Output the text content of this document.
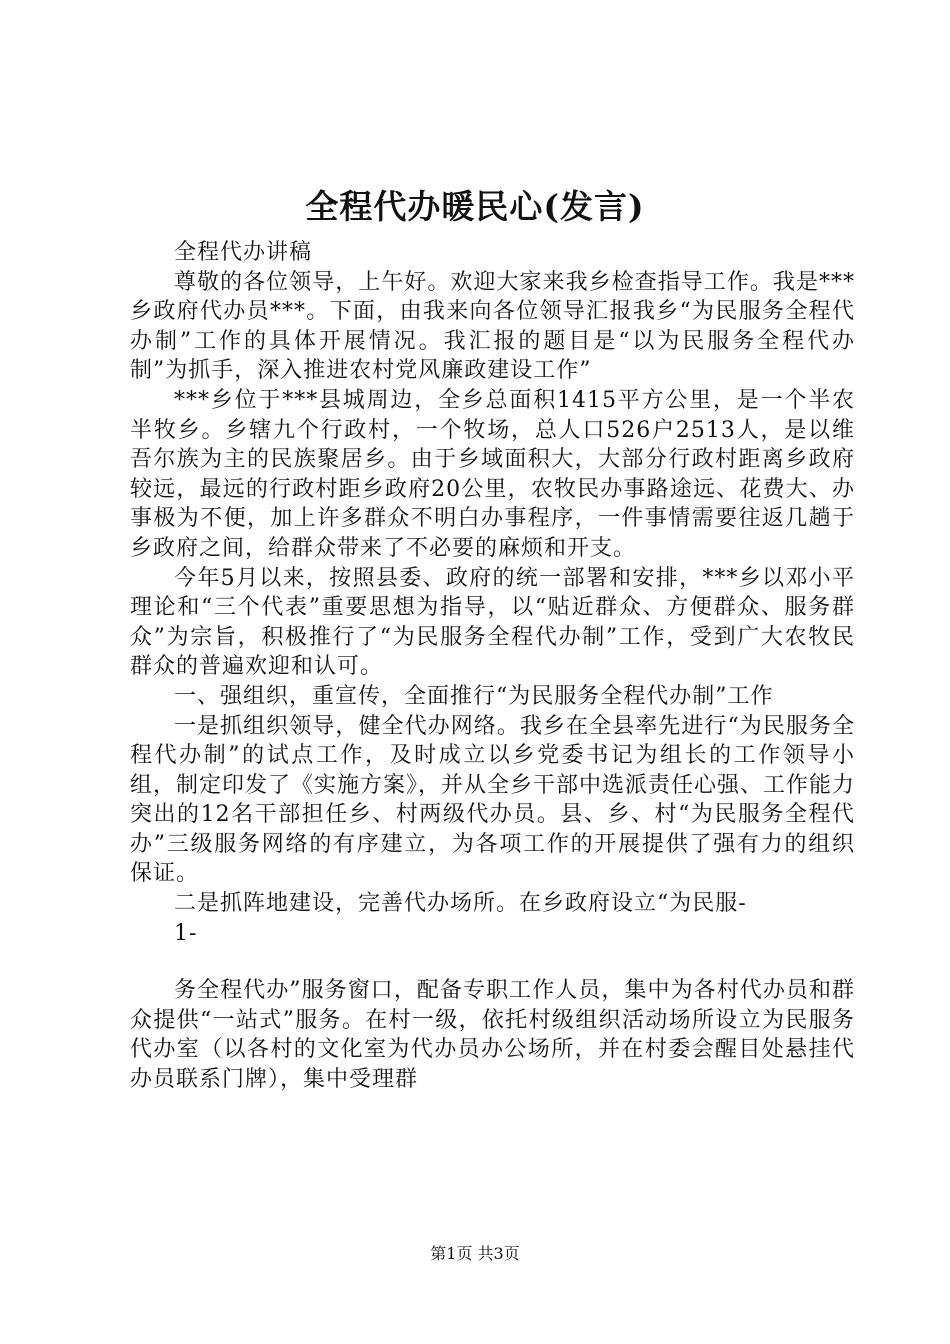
全程代办暖民心(发言)

全程代办讲稿

尊敬的各位领导，上午好。欢迎大家来我乡检查指导工作。我是***乡政府代办员***。下面，由我来向各位领导汇报我乡“为民服务全程代办制”工作的具体开展情况。我汇报的题目是“以为民服务全程代办制”为抓手，深入推进农村党风廉政建设工作”

***乡位于***县城周边，全乡总面积1415平方公里，是一个半农半牧乡。乡辖九个行政村，一个牧场，总人口526户2513人，是以维吾尔族为主的民族聚居乡。由于乡域面积大，大部分行政村距离乡政府较远，最远的行政村距乡政府20公里，农牧民办事路途远、花费大、办事极为不便，加上许多群众不明白办事程序，一件事情需要往返几趟于乡政府之间，给群众带来了不必要的麻烦和开支。

今年5月以来，按照县委、政府的统一部署和安排，***乡以邓小平理论和“三个代表”重要思想为指导，以“贴近群众、方便群众、服务群众”为宗旨，积极推行了“为民服务全程代办制”工作，受到广大农牧民群众的普遍欢迎和认可。

一、强组织，重宣传，全面推行“为民服务全程代办制”工作

一是抓组织领导，健全代办网络。我乡在全县率先进行“为民服务全程代办制”的试点工作，及时成立以乡党委书记为组长的工作领导小组，制定印发了《实施方案》，并从全乡干部中选派责任心强、工作能力突出的12名干部担任乡、村两级代办员。县、乡、村“为民服务全程代办”三级服务网络的有序建立，为各项工作的开展提供了强有力的组织保证。

二是抓阵地建设，完善代办场所。在乡政府设立“为民服-

1-

务全程代办”服务窗口，配备专职工作人员，集中为各村代办员和群众提供“一站式”服务。在村一级，依托村级组织活动场所设立为民服务代办室（以各村的文化室为代办员办公场所，并在村委会醒目处悬挂代办员联系门牌），集中受理群

第1页 共3页
